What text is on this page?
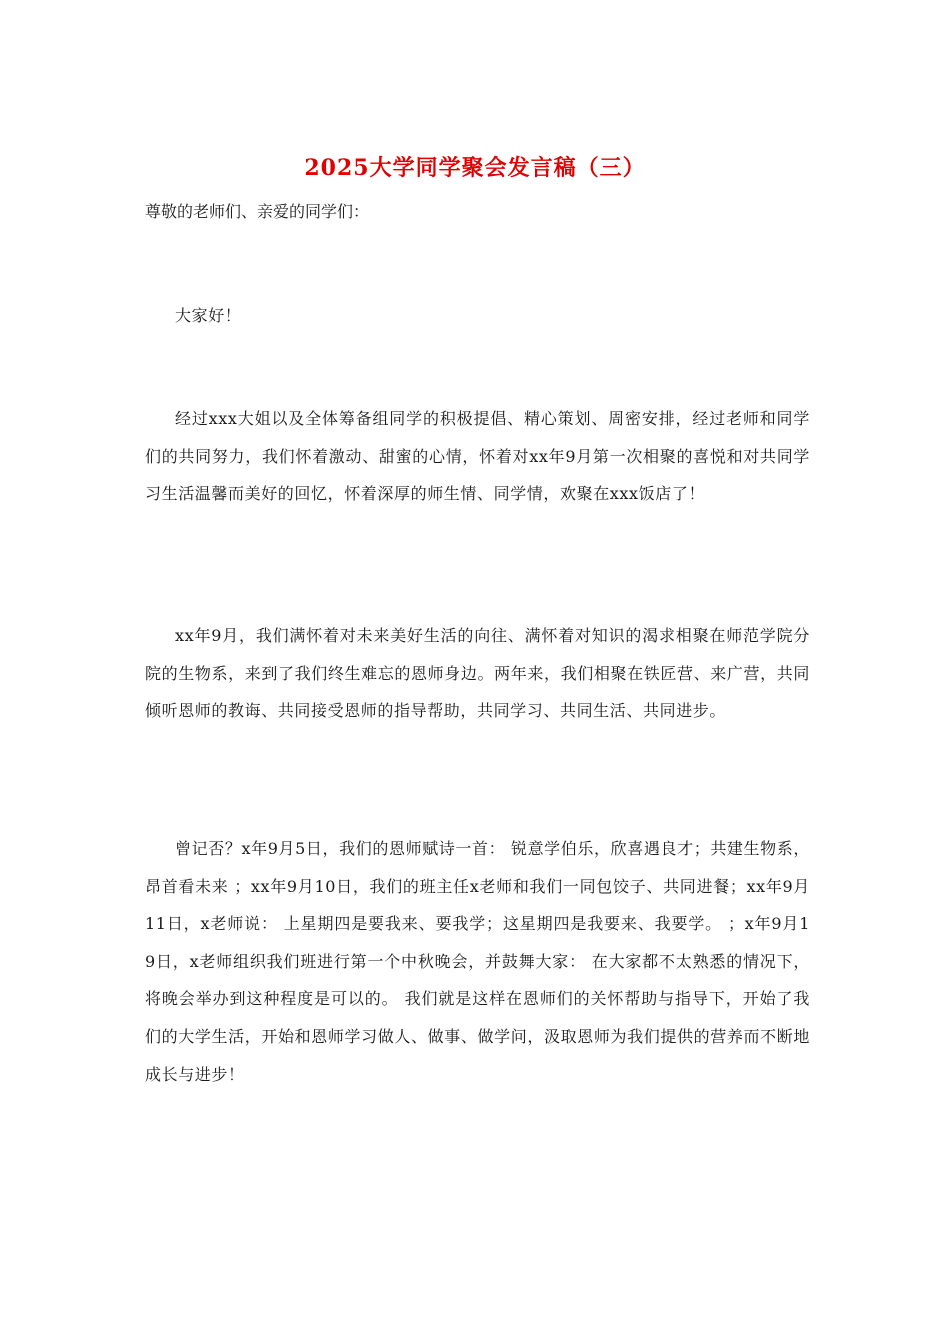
2025大学同学聚会发言稿（三）
尊敬的老师们、亲爱的同学们：
大家好！
经过xxx大姐以及全体筹备组同学的积极提倡、精心策划、周密安排，经过老师和同学们的共同努力，我们怀着激动、甜蜜的心情，怀着对xx年9月第一次相聚的喜悦和对共同学习生活温馨而美好的回忆，怀着深厚的师生情、同学情，欢聚在xxx饭店了！
xx年9月，我们满怀着对未来美好生活的向往、满怀着对知识的渴求相聚在师范学院分院的生物系，来到了我们终生难忘的恩师身边。两年来，我们相聚在铁匠营、来广营，共同倾听恩师的教诲、共同接受恩师的指导帮助，共同学习、共同生活、共同进步。
曾记否？x年9月5日，我们的恩师赋诗一首： 锐意学伯乐，欣喜遇良才；共建生物系，昂首看未来 ；xx年9月10日，我们的班主任x老师和我们一同包饺子、共同进餐；xx年9月11日，x老师说： 上星期四是要我来、要我学；这星期四是我要来、我要学。 ；x年9月19日，x老师组织我们班进行第一个中秋晚会，并鼓舞大家： 在大家都不太熟悉的情况下，将晚会举办到这种程度是可以的。 我们就是这样在恩师们的关怀帮助与指导下，开始了我们的大学生活，开始和恩师学习做人、做事、做学问，汲取恩师为我们提供的营养而不断地成长与进步！
